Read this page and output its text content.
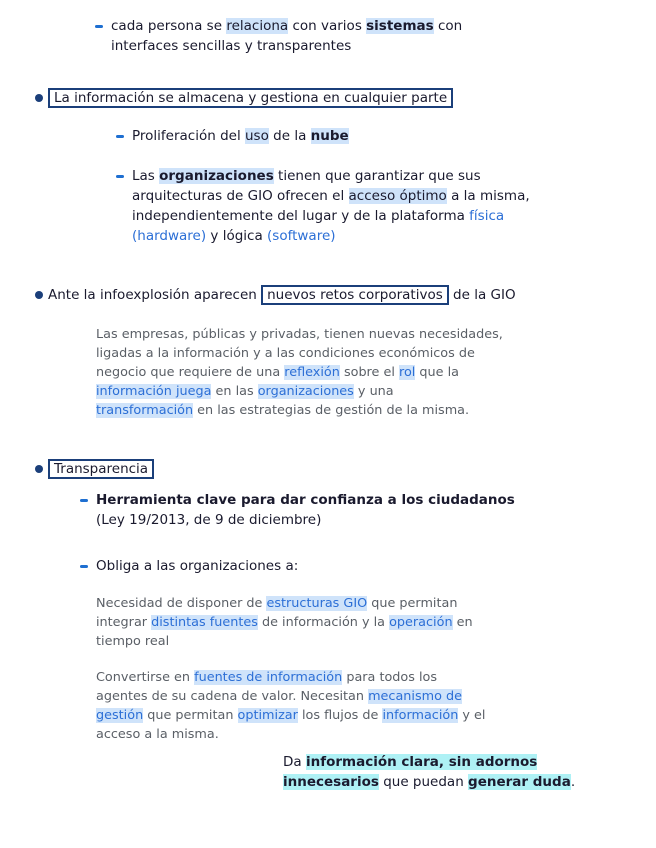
cada persona se relaciona con varios sistemas con
interfaces sencillas y transparentes
La información se almacena y gestiona en cualquier parte
Proliferación del uso de la nube
Las organizaciones tienen que garantizar que sus
arquitecturas de GIO ofrecen el acceso óptimo a la misma,
independientemente del lugar y de la plataforma física
(hardware) y lógica (software)
Ante la infoexplosión aparecen nuevos retos corporativos de la GIO
Las empresas, públicas y privadas, tienen nuevas necesidades,
ligadas a la información y a las condiciones económicos de
negocio que requiere de una reflexión sobre el rol que la
información juega en las organizaciones y una
transformación en las estrategias de gestión de la misma.
Transparencia
Herramienta clave para dar confianza a los ciudadanos
(Ley 19/2013, de 9 de diciembre)
Obliga a las organizaciones a:
Necesidad de disponer de estructuras GIO que permitan
integrar distintas fuentes de información y la operación en
tiempo real
Convertirse en fuentes de información para todos los
agentes de su cadena de valor. Necesitan mecanismo de
gestión que permitan optimizar los flujos de información y el
acceso a la misma.
Da información clara, sin adornos
innecesarios que puedan generar duda.
